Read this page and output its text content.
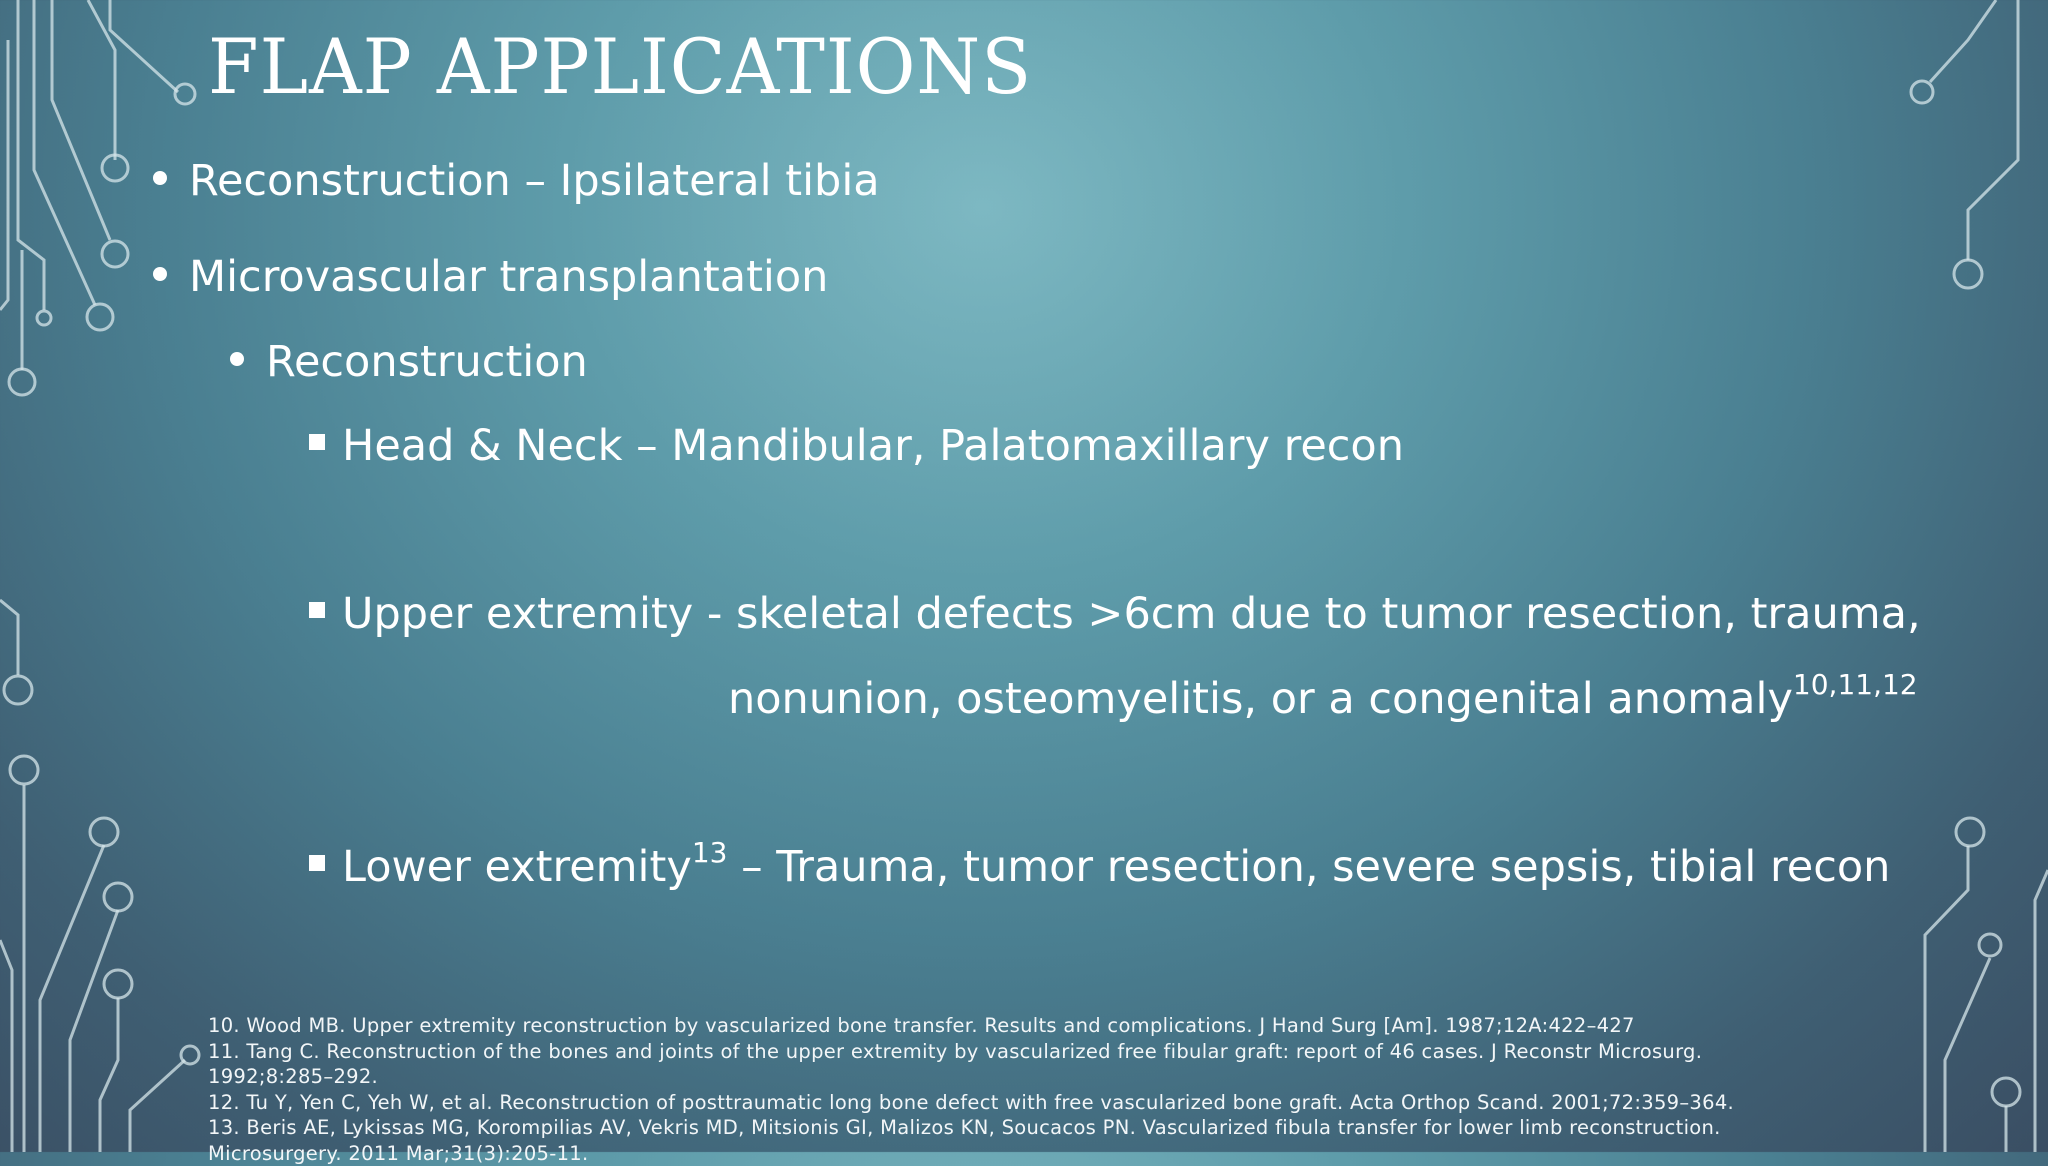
FLAP APPLICATIONS
Reconstruction – Ipsilateral tibia
Microvascular transplantation
Reconstruction
Head & Neck – Mandibular, Palatomaxillary recon
Upper extremity - skeletal defects >6cm due to tumor resection, trauma,
nonunion, osteomyelitis, or a congenital anomaly$^{10,11,12}$
Lower extremity$^{13}$ – Trauma, tumor resection, severe sepsis, tibial recon
10. Wood MB. Upper extremity reconstruction by vascularized bone transfer. Results and complications. J Hand Surg [Am]. 1987;12A:422–427
11. Tang C. Reconstruction of the bones and joints of the upper extremity by vascularized free fibular graft: report of 46 cases. J Reconstr Microsurg.
1992;8:285–292.
12. Tu Y, Yen C, Yeh W, et al. Reconstruction of posttraumatic long bone defect with free vascularized bone graft. Acta Orthop Scand. 2001;72:359–364.
13. Beris AE, Lykissas MG, Korompilias AV, Vekris MD, Mitsionis GI, Malizos KN, Soucacos PN. Vascularized fibula transfer for lower limb reconstruction.
Microsurgery. 2011 Mar;31(3):205-11.
